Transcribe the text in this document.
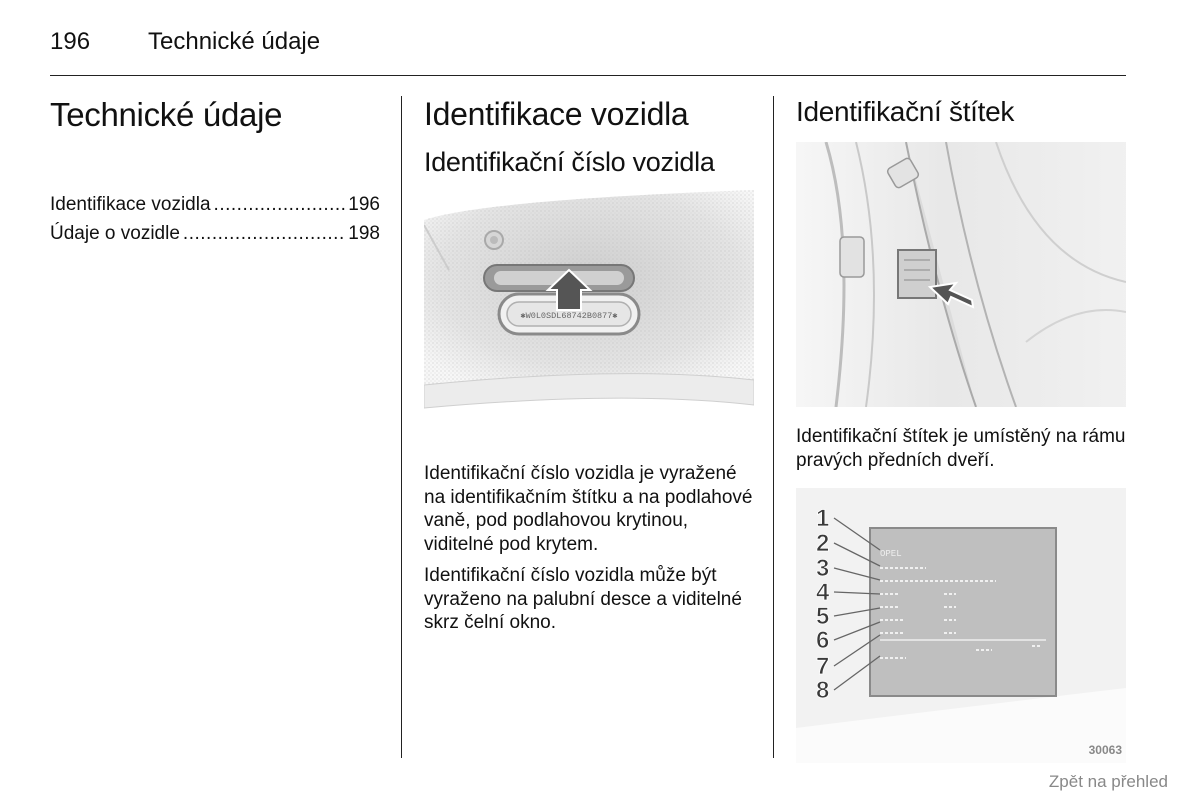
196 Technické údaje
Technické údaje
Identifikace vozidla .....	196
Údaje o vozidle .....	198
Identifikace vozidla
Identifikační číslo vozidla
✱W0L0SDL68742B0877✱

Identifikační číslo vozidla je vyražené na identifikačním štítku a na podlahové vaně, pod podlahovou krytinou, viditelné pod krytem.

Identifikační číslo vozidla může být vyraženo na palubní desce a viditelné skrz čelní okno.

Identifikační štítek

Identifikační štítek je umístěný na rámu pravých předních dveří.

OPEL
1
2
3
4
5
6
7
8
30063
Zpět na přehled
